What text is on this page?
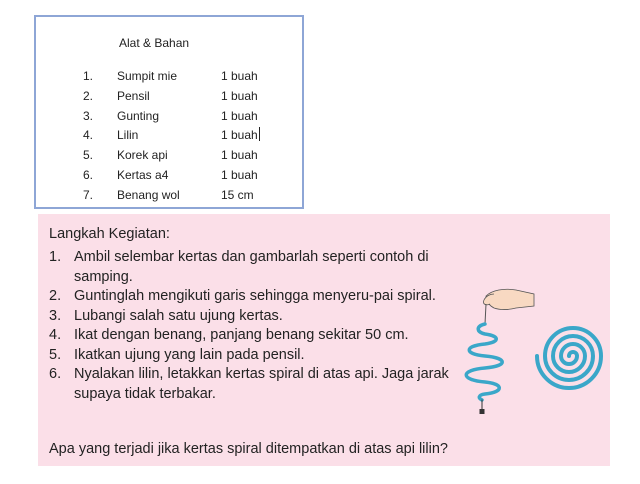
Alat & Bahan
1.	Sumpit mie	1 buah
2.	Pensil	1 buah
3.	Gunting	1 buah
4.	Lilin	1 buah
5.	Korek api	1 buah
6.	Kertas a4	1 buah
7.	Benang wol	15 cm
Langkah Kegiatan:
1. Ambil selembar kertas dan gambarlah seperti contoh di samping.
2. Guntinglah mengikuti garis sehingga menyeru-pai spiral.
3. Lubangi salah satu ujung kertas.
4. Ikat dengan benang, panjang benang sekitar 50 cm.
5. Ikatkan ujung yang lain pada pensil.
6. Nyalakan lilin, letakkan kertas spiral di atas api. Jaga jarak supaya tidak terbakar.
Apa yang terjadi jika kertas spiral ditempatkan di atas api lilin?
